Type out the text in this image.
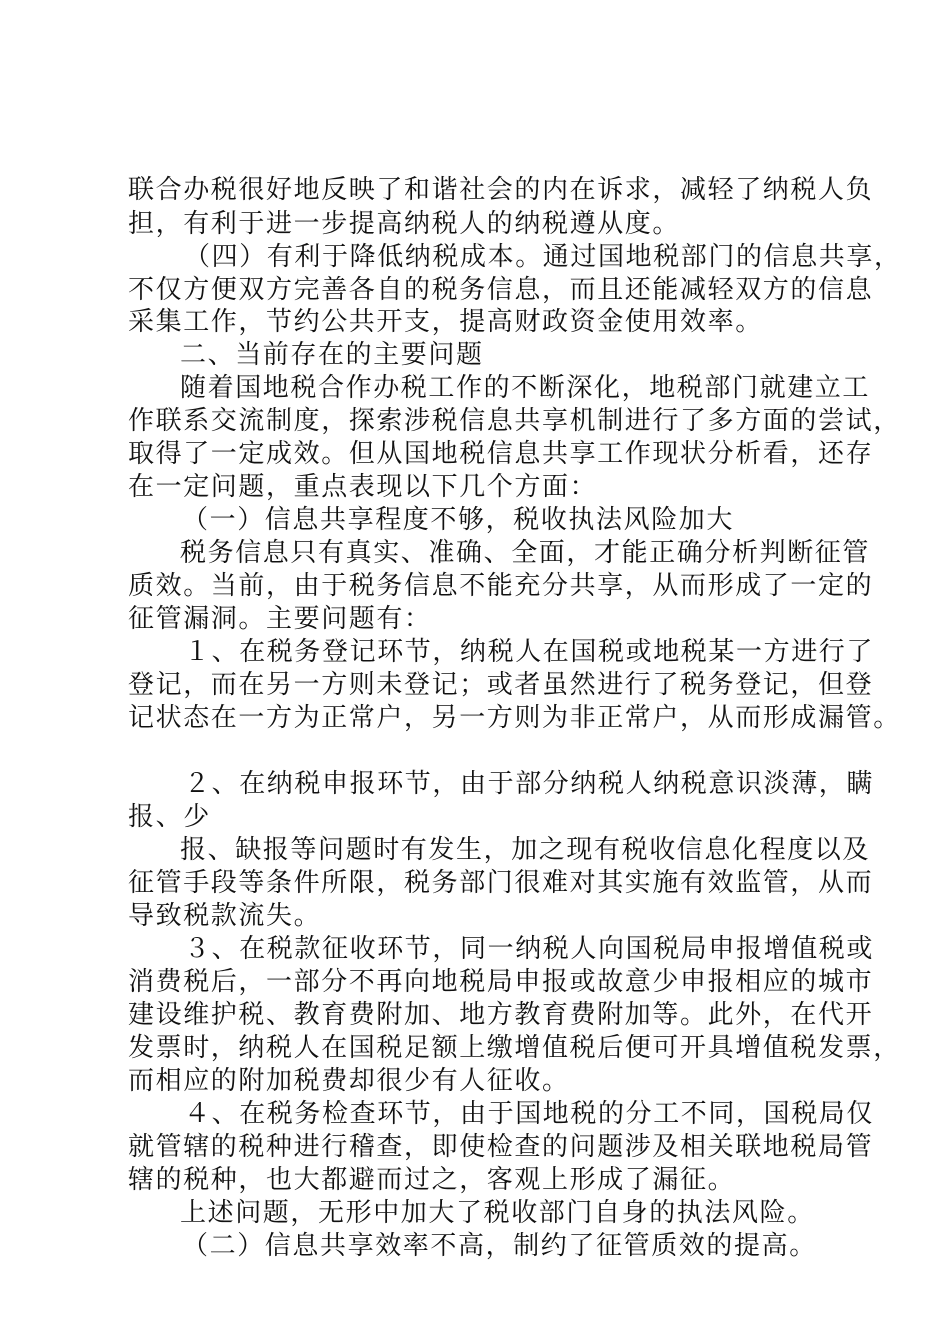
联合办税很好地反映了和谐社会的内在诉求，减轻了纳税人负
担，有利于进一步提高纳税人的纳税遵从度。
（四）有利于降低纳税成本。通过国地税部门的信息共享，
不仅方便双方完善各自的税务信息，而且还能减轻双方的信息
采集工作，节约公共开支，提高财政资金使用效率。
二、当前存在的主要问题
随着国地税合作办税工作的不断深化，地税部门就建立工
作联系交流制度，探索涉税信息共享机制进行了多方面的尝试，
取得了一定成效。但从国地税信息共享工作现状分析看，还存
在一定问题，重点表现以下几个方面：
（一）信息共享程度不够，税收执法风险加大
税务信息只有真实、准确、全面，才能正确分析判断征管
质效。当前，由于税务信息不能充分共享，从而形成了一定的
征管漏洞。主要问题有：
１、在税务登记环节，纳税人在国税或地税某一方进行了
登记，而在另一方则未登记；或者虽然进行了税务登记，但登
记状态在一方为正常户，另一方则为非正常户，从而形成漏管。
２、在纳税申报环节，由于部分纳税人纳税意识淡薄，瞒
报、少
报、缺报等问题时有发生，加之现有税收信息化程度以及
征管手段等条件所限，税务部门很难对其实施有效监管，从而
导致税款流失。
３、在税款征收环节，同一纳税人向国税局申报增值税或
消费税后，一部分不再向地税局申报或故意少申报相应的城市
建设维护税、教育费附加、地方教育费附加等。此外，在代开
发票时，纳税人在国税足额上缴增值税后便可开具增值税发票，
而相应的附加税费却很少有人征收。
４、在税务检查环节，由于国地税的分工不同，国税局仅
就管辖的税种进行稽查，即使检查的问题涉及相关联地税局管
辖的税种，也大都避而过之，客观上形成了漏征。
上述问题，无形中加大了税收部门自身的执法风险。
（二）信息共享效率不高，制约了征管质效的提高。
